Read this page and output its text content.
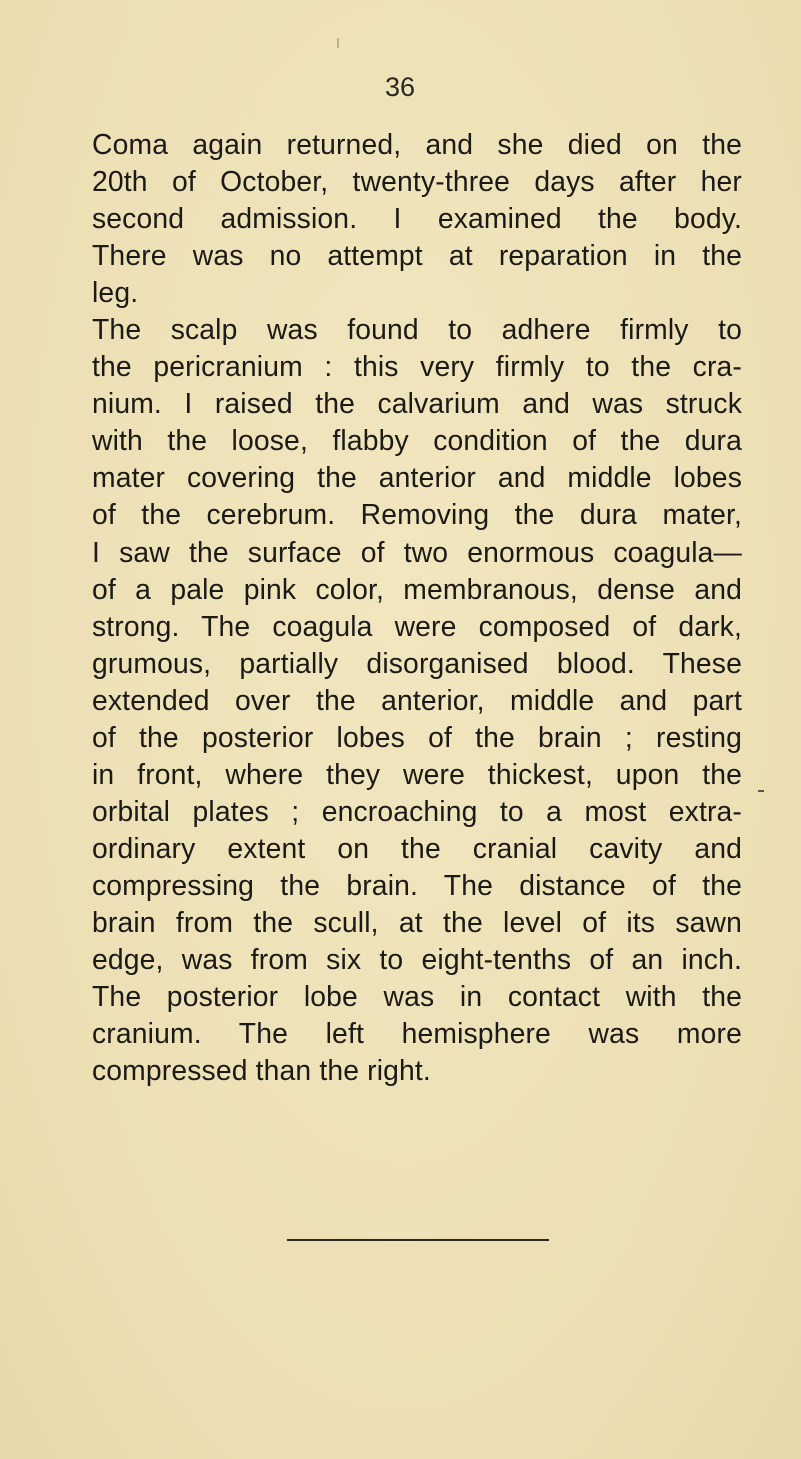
36
Coma again returned, and she died on the
20th of October, twenty-three days after her
second admission. I examined the body.
There was no attempt at reparation in the
leg.
The scalp was found to adhere firmly to
the pericranium : this very firmly to the cra-
nium. I raised the calvarium and was struck
with the loose, flabby condition of the dura
mater covering the anterior and middle lobes
of the cerebrum. Removing the dura mater,
I saw the surface of two enormous coagula—
of a pale pink color, membranous, dense and
strong. The coagula were composed of dark,
grumous, partially disorganised blood. These
extended over the anterior, middle and part
of the posterior lobes of the brain ; resting
in front, where they were thickest, upon the
orbital plates ; encroaching to a most extra-
ordinary extent on the cranial cavity and
compressing the brain. The distance of the
brain from the scull, at the level of its sawn
edge, was from six to eight-tenths of an inch.
The posterior lobe was in contact with the
cranium. The left hemisphere was more
compressed than the right.
